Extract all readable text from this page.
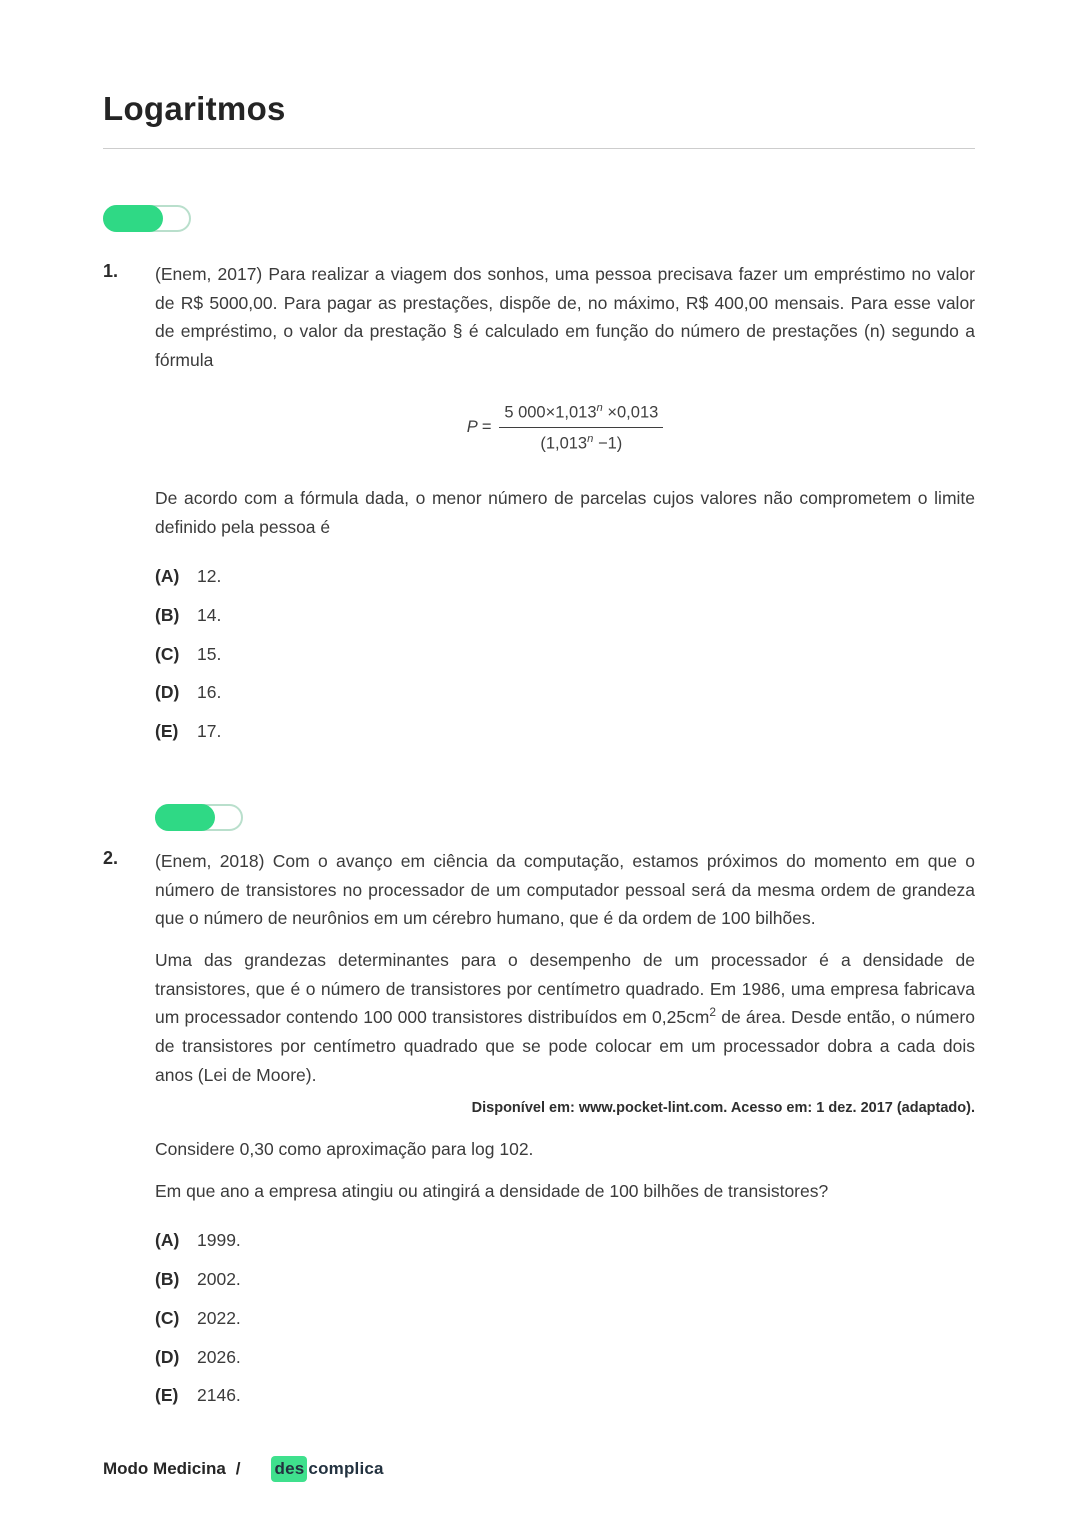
Logaritmos
1.	(Enem, 2017) Para realizar a viagem dos sonhos, uma pessoa precisava fazer um empréstimo no valor de R$ 5000,00. Para pagar as prestações, dispõe de, no máximo, R$ 400,00 mensais. Para esse valor de empréstimo, o valor da prestação § é calculado em função do número de prestações (n) segundo a fórmula

$P = \frac{5 000\times 1,013^n \times 0,013}{(1,013^n -1)}$

De acordo com a fórmula dada, o menor número de parcelas cujos valores não comprometem o limite definido pela pessoa é

(A)	12.
(B)	14.
(C)	15.
(D)	16.
(E)	17.
2.	(Enem, 2018) Com o avanço em ciência da computação, estamos próximos do momento em que o número de transistores no processador de um computador pessoal será da mesma ordem de grandeza que o número de neurônios em um cérebro humano, que é da ordem de 100 bilhões.

Uma das grandezas determinantes para o desempenho de um processador é a densidade de transistores, que é o número de transistores por centímetro quadrado. Em 1986, uma empresa fabricava um processador contendo 100 000 transistores distribuídos em $0,25cm^2$ de área. Desde então, o número de transistores por centímetro quadrado que se pode colocar em um processador dobra a cada dois anos (Lei de Moore).

Disponível em: www.pocket-lint.com. Acesso em: 1 dez. 2017 (adaptado).

Considere 0,30 como aproximação para log 102.

Em que ano a empresa atingiu ou atingirá a densidade de 100 bilhões de transistores?

(A)	1999.
(B)	2002.
(C)	2022.
(D)	2026.
(E)	2146.
Modo Medicina / des complica
